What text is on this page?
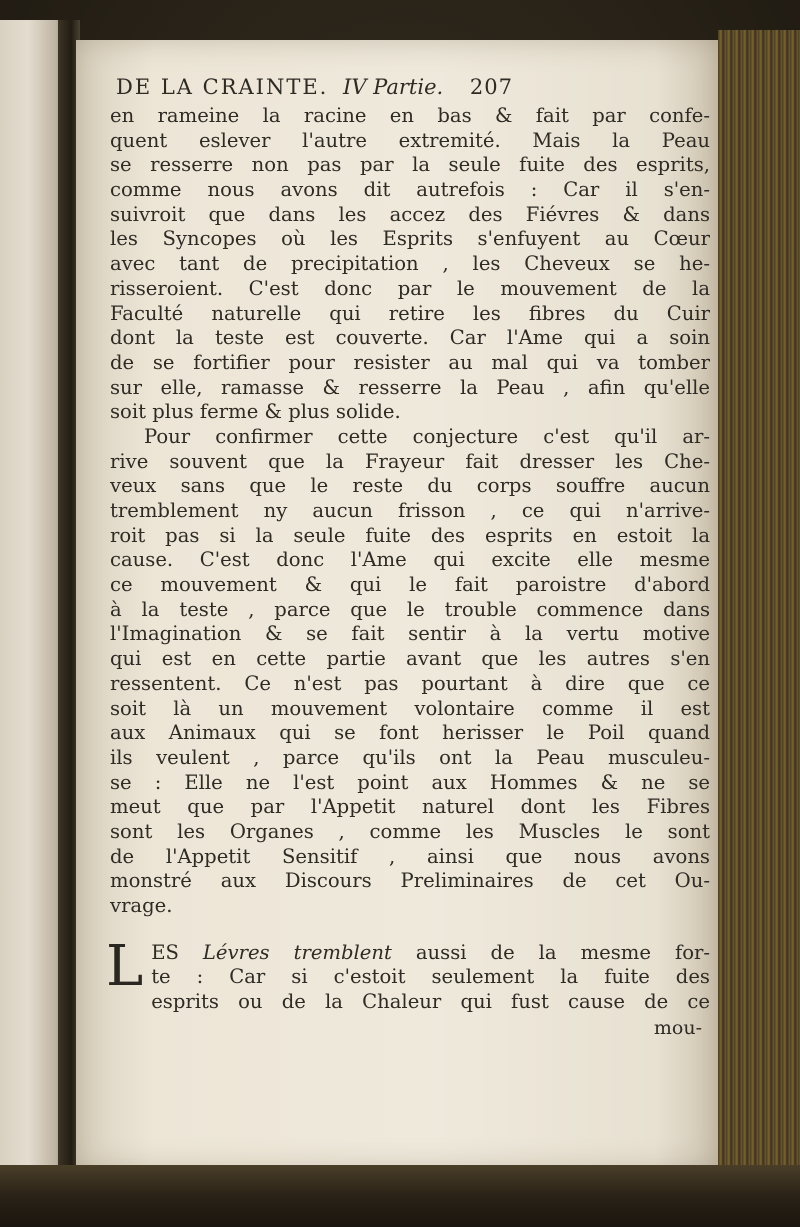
DE LA CRAINTE. IV Partie. 207
en rameine la racine en bas & fait par confe-
quent eslever l'autre extremité. Mais la Peau
se resserre non pas par la seule fuite des esprits,
comme nous avons dit autrefois : Car il s'en-
suivroit que dans les accez des Fiévres & dans
les Syncopes où les Esprits s'enfuyent au Cœur
avec tant de precipitation , les Cheveux se he-
risseroient. C'est donc par le mouvement de la
Faculté naturelle qui retire les fibres du Cuir
dont la teste est couverte. Car l'Ame qui a soin
de se fortifier pour resister au mal qui va tomber
sur elle, ramasse & resserre la Peau , afin qu'elle
soit plus ferme & plus solide.
Pour confirmer cette conjecture c'est qu'il ar-
rive souvent que la Frayeur fait dresser les Che-
veux sans que le reste du corps souffre aucun
tremblement ny aucun frisson , ce qui n'arrive-
roit pas si la seule fuite des esprits en estoit la
cause. C'est donc l'Ame qui excite elle mesme
ce mouvement & qui le fait paroistre d'abord
à la teste , parce que le trouble commence dans
l'Imagination & se fait sentir à la vertu motive
qui est en cette partie avant que les autres s'en
ressentent. Ce n'est pas pourtant à dire que ce
soit là un mouvement volontaire comme il est
aux Animaux qui se font herisser le Poil quand
ils veulent , parce qu'ils ont la Peau musculeu-
se : Elle ne l'est point aux Hommes & ne se
meut que par l'Appetit naturel dont les Fibres
sont les Organes , comme les Muscles le sont
de l'Appetit Sensitif , ainsi que nous avons
monstré aux Discours Preliminaires de cet Ou-
vrage.
L ES Lévres tremblent aussi de la mesme for-
te : Car si c'estoit seulement la fuite des
esprits ou de la Chaleur qui fust cause de ce
mou-
